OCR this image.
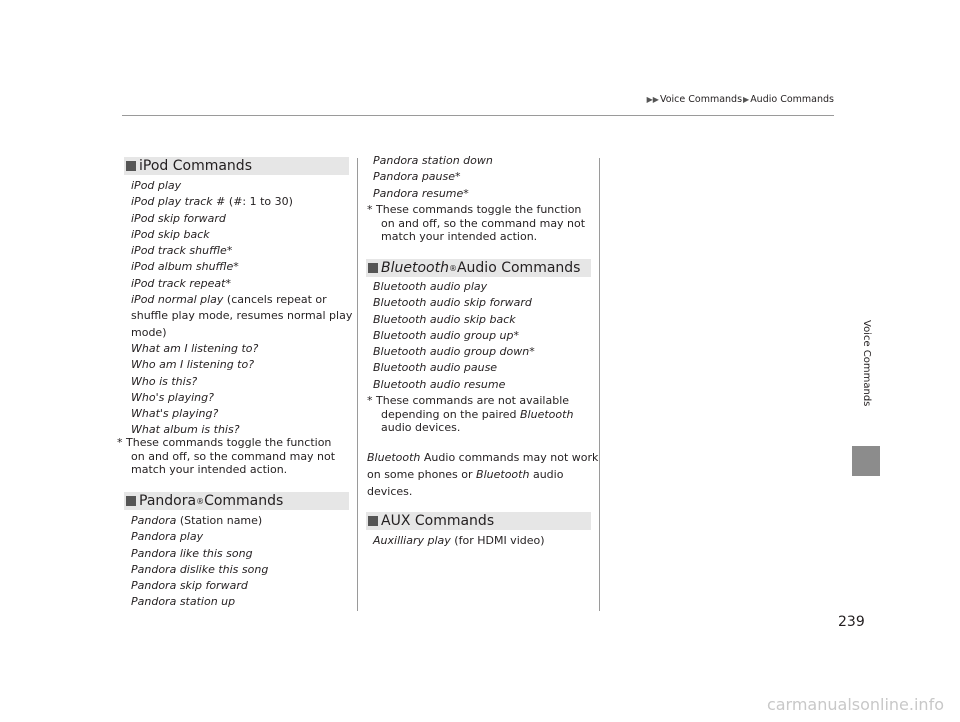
▶▶Voice Commands▶Audio Commands
Voice Commands
239
iPod Commands
iPod play
iPod play track # (#: 1 to 30)
iPod skip forward
iPod skip back
iPod track shuffle*
iPod album shuffle*
iPod track repeat*
iPod normal play (cancels repeat or
shuffle play mode, resumes normal play
mode)
What am I listening to?
Who am I listening to?
Who is this?
Who's playing?
What's playing?
What album is this?
* These commands toggle the function
on and off, so the command may not
match your intended action.
Pandora ® Commands
Pandora (Station name)
Pandora play
Pandora like this song
Pandora dislike this song
Pandora skip forward
Pandora station up
Pandora station down
Pandora pause*
Pandora resume*
* These commands toggle the function
on and off, so the command may not
match your intended action.
Bluetooth ® Audio Commands
Bluetooth audio play
Bluetooth audio skip forward
Bluetooth audio skip back
Bluetooth audio group up*
Bluetooth audio group down*
Bluetooth audio pause
Bluetooth audio resume
* These commands are not available
depending on the paired Bluetooth
audio devices.
Bluetooth Audio commands may not work
on some phones or Bluetooth audio
devices.
AUX Commands
Auxilliary play (for HDMI video)
carmanualsonline.info
